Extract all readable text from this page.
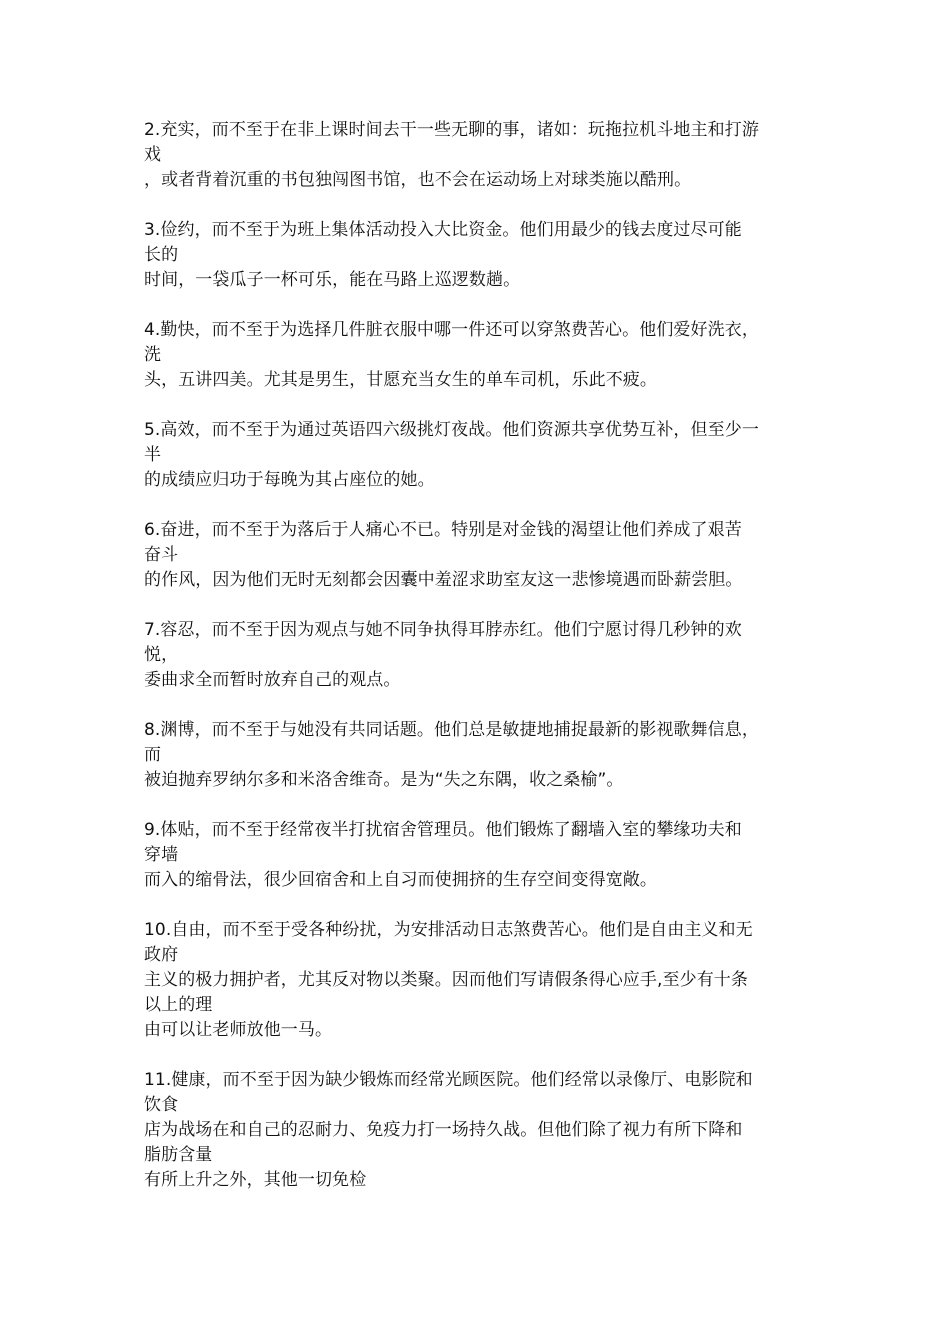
2.充实，而不至于在非上课时间去干一些无聊的事，诸如：玩拖拉机斗地主和打游
戏
，或者背着沉重的书包独闯图书馆，也不会在运动场上对球类施以酷刑。

3.俭约，而不至于为班上集体活动投入大比资金。他们用最少的钱去度过尽可能
长的
时间，一袋瓜子一杯可乐，能在马路上巡逻数趟。

4.勤快，而不至于为选择几件脏衣服中哪一件还可以穿煞费苦心。他们爱好洗衣，
洗
头，五讲四美。尤其是男生，甘愿充当女生的单车司机，乐此不疲。

5.高效，而不至于为通过英语四六级挑灯夜战。他们资源共享优势互补，但至少一
半
的成绩应归功于每晚为其占座位的她。

6.奋进，而不至于为落后于人痛心不已。特别是对金钱的渴望让他们养成了艰苦
奋斗
的作风，因为他们无时无刻都会因囊中羞涩求助室友这一悲惨境遇而卧薪尝胆。

7.容忍，而不至于因为观点与她不同争执得耳脖赤红。他们宁愿讨得几秒钟的欢
悦，
委曲求全而暂时放弃自己的观点。

8.渊博，而不至于与她没有共同话题。他们总是敏捷地捕捉最新的影视歌舞信息，
而
被迫抛弃罗纳尔多和米洛舍维奇。是为“失之东隅，收之桑榆”。

9.体贴，而不至于经常夜半打扰宿舍管理员。他们锻炼了翻墙入室的攀缘功夫和
穿墙
而入的缩骨法，很少回宿舍和上自习而使拥挤的生存空间变得宽敞。

10.自由，而不至于受各种纷扰，为安排活动日志煞费苦心。他们是自由主义和无
政府
主义的极力拥护者，尤其反对物以类聚。因而他们写请假条得心应手,至少有十条
以上的理
由可以让老师放他一马。

11.健康，而不至于因为缺少锻炼而经常光顾医院。他们经常以录像厅、电影院和
饮食
店为战场在和自己的忍耐力、免疫力打一场持久战。但他们除了视力有所下降和
脂肪含量
有所上升之外，其他一切免检
